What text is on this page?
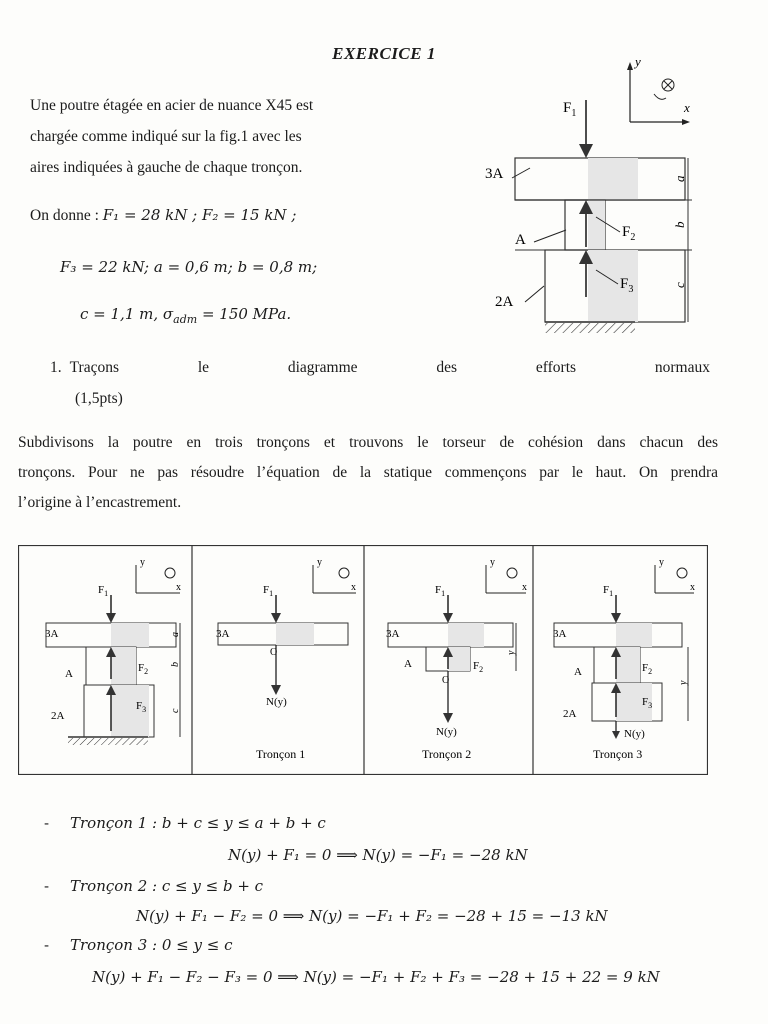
EXERCICE 1
Une poutre étagée en acier de nuance X45 est
chargée comme indiqué sur la fig.1 avec les
aires indiquées à gauche de chaque tronçon.
On donne : F₁ = 28 kN ; F₂ = 15 kN ;
F₃ = 22 kN; a = 0,6 m; b = 0,8 m;
c = 1,1 m, $\sigma_{adm} = 150$ MPa.
1. Traçons	le	diagramme	des	efforts	normaux
(1,5pts)
Subdivisons la poutre en trois tronçons et trouvons le torseur de cohésion dans chacun des
tronçons. Pour ne pas résoudre l’équation de la statique commençons par le haut. On prendra
l’origine à l’encastrement.
y
x
$F_1$
$F_2$
$F_3$
3A
A
2A
a
b
c
y
x
$F_1$
3A
A
2A
$F_2$
$F_3$
a
b
c
y
x
$F_1$
3A
O
N(y)
Tronçon 1
y
x
$F_1$
3A
A	$F_2$
O
N(y)
y
Tronçon 2
y
x
$F_1$
3A
A
2A
$F_2$
$F_3$
N(y)
y
Tronçon 3
- Tronçon 1 : b + c ≤ y ≤ a + b + c
N(y) + F₁ = 0 ⟹ N(y) = −F₁ = −28 kN
- Tronçon 2 : c ≤ y ≤ b + c
N(y) + F₁ − F₂ = 0 ⟹ N(y) = −F₁ + F₂ = −28 + 15 = −13 kN
- Tronçon 3 : 0 ≤ y ≤ c
N(y) + F₁ − F₂ − F₃ = 0 ⟹ N(y) = −F₁ + F₂ + F₃ = −28 + 15 + 22 = 9 kN
